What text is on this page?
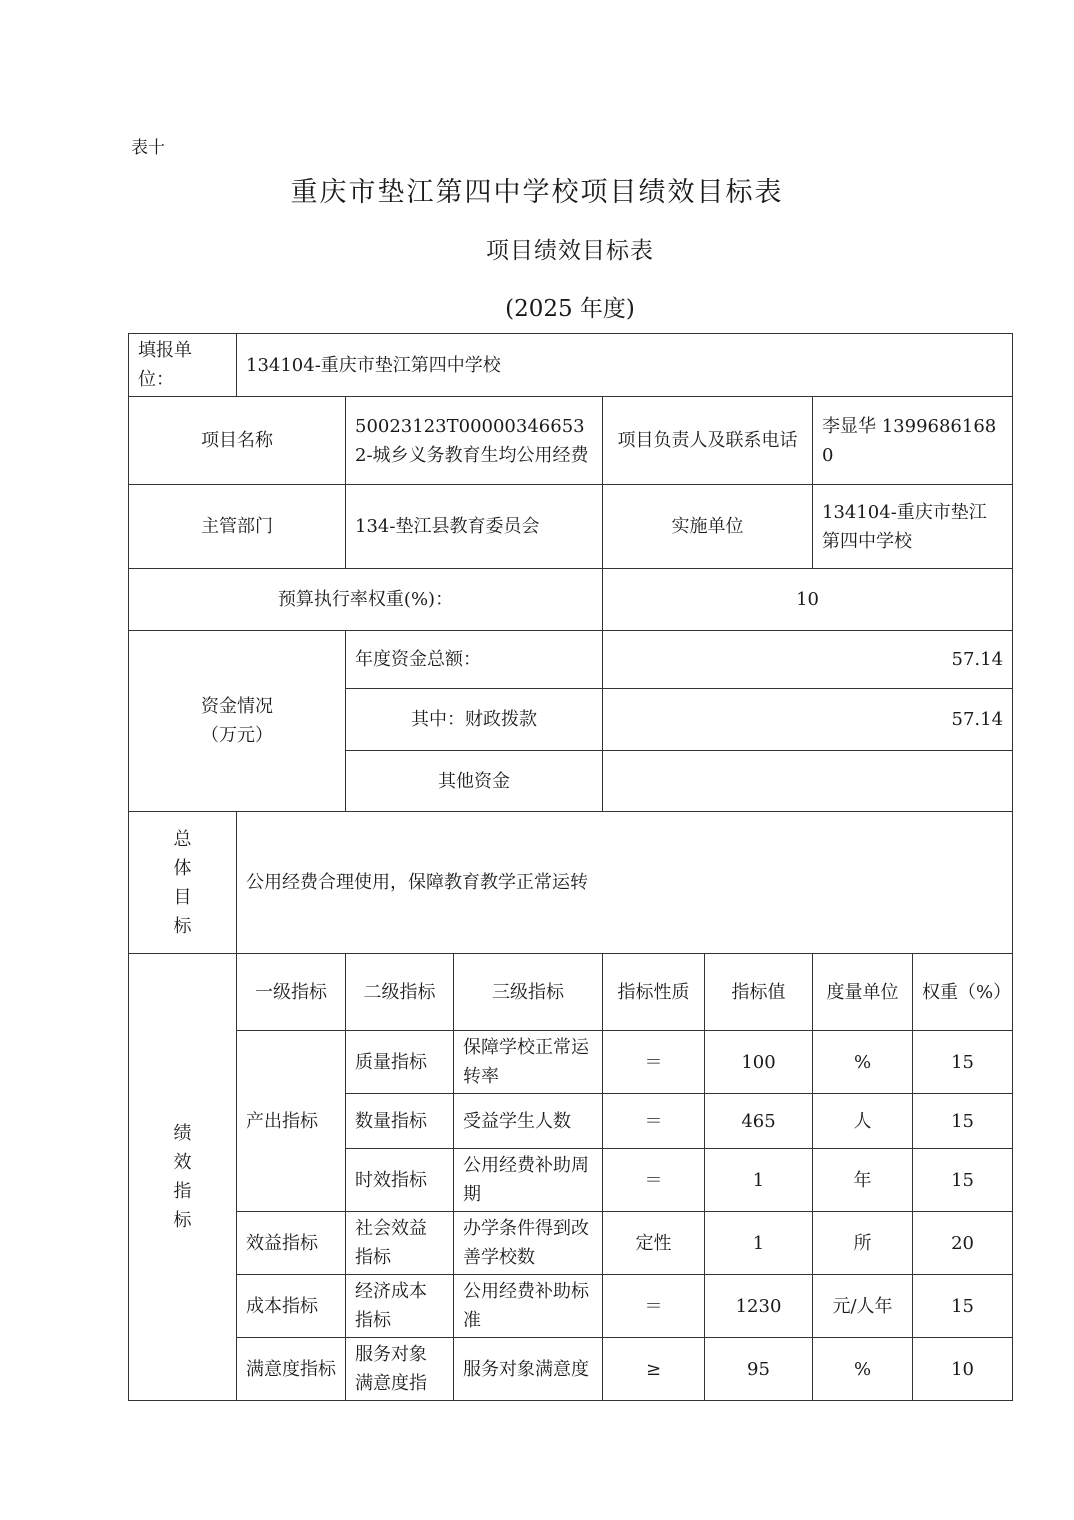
表十
重庆市垫江第四中学校项目绩效目标表
项目绩效目标表
(2025 年度)
填报单位：	134104-重庆市垫江第四中学校						
项目名称		50023123T000003466532-城乡义务教育生均公用经费		项目负责人及联系电话		李显华 13996861680	
主管部门		134-垫江县教育委员会		实施单位		134104-重庆市垫江第四中学校	
预算执行率权重(%)：				10			

资金情况
（万元）		年度资金总额：		57.14			
		其中：财政拨款		57.14			
		其他资金					

总
体
目
标	公用经费合理使用，保障教育教学正常运转						

绩
效
指
标	一级指标	二级指标	三级指标	指标性质	指标值	度量单位	权重（%）
	产出指标	质量指标	保障学校正常运转率	＝	100	%	15
		数量指标	受益学生人数	＝	465	人	15
		时效指标	公用经费补助周期	＝	1	年	15
	效益指标	社会效益指标	办学条件得到改善学校数	定性	1	所	20
	成本指标	经济成本指标	公用经费补助标准	＝	1230	元/人年	15
	满意度指标	服务对象满意度指	服务对象满意度	≥	95	%	10
